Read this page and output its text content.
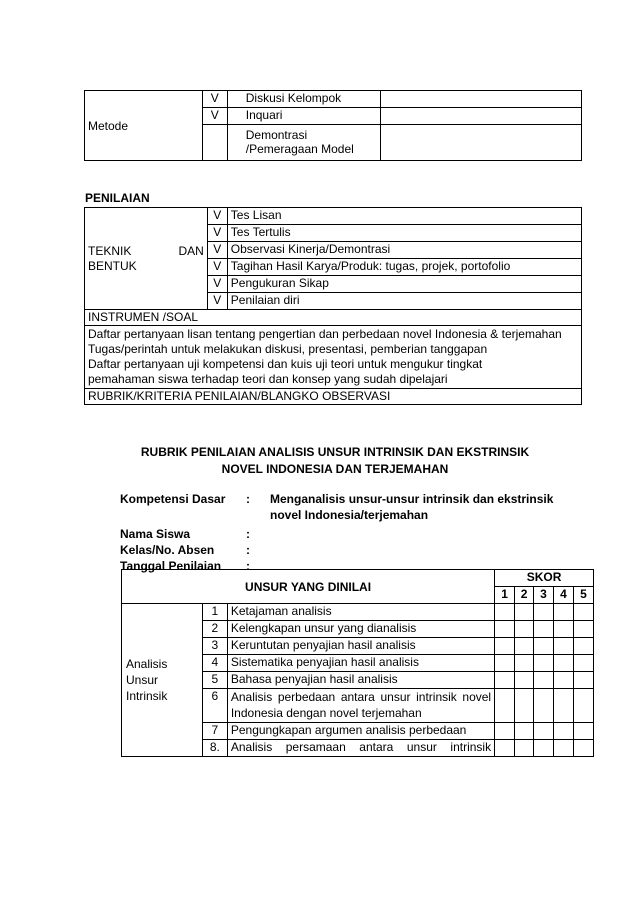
Metode	V	Diskusi Kelompok	
	V	Inquari	
		Demontrasi /Pemeragaan Model	
PENILAIAN
TEKNIK DAN
BENTUK	V	Tes Lisan
	V	Tes Tertulis
	V	Observasi Kinerja/Demontrasi
	V	Tagihan Hasil Karya/Produk: tugas, projek, portofolio
	V	Pengukuran Sikap
	V	Penilaian diri
INSTRUMEN /SOAL		

Daftar pertanyaan lisan tentang pengertian dan perbedaan novel Indonesia & terjemahan
Tugas/perintah untuk melakukan diskusi, presentasi, pemberian tanggapan
Daftar pertanyaan uji kompetensi dan kuis uji teori untuk mengukur tingkat pemahaman siswa terhadap teori dan konsep yang sudah dipelajari		

RUBRIK/KRITERIA PENILAIAN/BLANGKO OBSERVASI		
RUBRIK PENILAIAN ANALISIS UNSUR INTRINSIK DAN EKSTRINSIK
NOVEL INDONESIA DAN TERJEMAHAN
Kompetensi Dasar	:	Menganalisis unsur-unsur intrinsik dan ekstrinsik novel Indonesia/terjemahan
Nama Siswa	:
Kelas/No. Absen	:
Tanggal Penilaian	:
UNSUR YANG DINILAI			SKOR				
			1	2	3	4	5
Analisis Unsur Intrinsik	1	Ketajaman analisis					
	2	Kelengkapan unsur yang dianalisis					
	3	Keruntutan penyajian hasil analisis					
	4	Sistematika penyajian hasil analisis					
	5	Bahasa penyajian hasil analisis					
	6	Analisis perbedaan antara unsur intrinsik novel Indonesia dengan novel terjemahan					
	7	Pengungkapan argumen analisis perbedaan					
	8.	Analisis persamaan antara unsur intrinsik					
